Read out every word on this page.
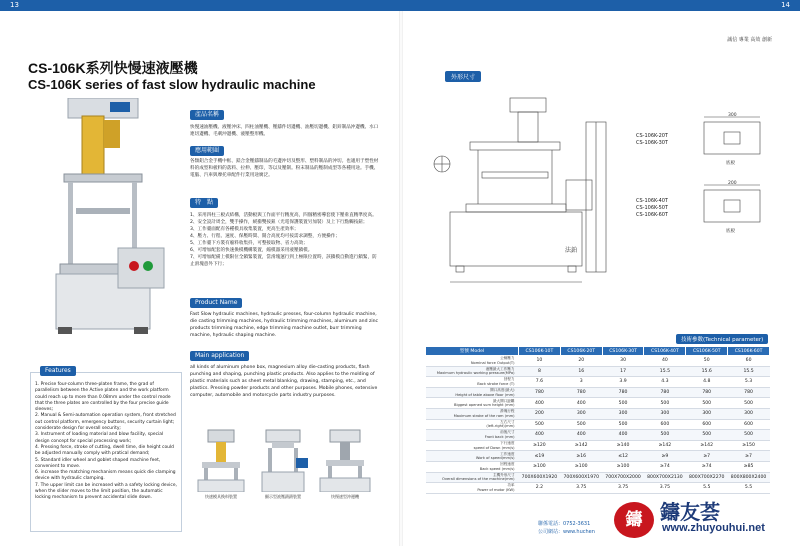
13	14
誠信 專業 高效 創新
CS-106K系列快慢速液壓機
CS-106K series of fast slow hydraulic machine
產品名稱
快慢速油壓機、液壓沖床、四柱油壓機、壓鑄件切邊機、油壓切邊機、鋁鋅制品沖邊機、水口連切邊機、毛刺沖邊機、液壓整形機。
應用範圍
各類鋁合金手機中框、鎂合金壓鑄制品的毛邊沖切及整形、塑料制品的沖切。也適用于塑性材料的成型和板料的落料、拉伸、壓印，等以及壓制。粉末制品的壓制成型等各種用途。手機、電腦、汽車與摩托車配件行業用途廣泛。
特　點

1、采用四柱三板式結構，活動板與工作面平行精度高，四個精密導套使下壓垂直精準度高。

2、安全設計周全，雙手操作，緩衝雙按鈕（光電保護裝置另加裝）及上下行點觸按鈕；

3、工作臺面配有各種模具收集裝置，更高生產效率；

4、壓力、行程、速度、保壓時間、開合高度均可按需求調整，方便操作；

5、工作臺下方裝有廢料收集抖，可整接取物、省力高效；

6、可增加配套的快速換模機構裝置，縮模器采用液壓鎖模。

7、可增加配備上模限位全鎖緊裝置，當滑塊運行到上極限位置時，該鎖模自動進行鎖緊，防止滑塊意外下行；

Product Name
Fast Slow hydraulic machines, hydraulic presses, four-column hydraulic machine, die casting trimming machines, hydraulic trimming machines, aluminum and zinc products trimming machine, edge trimming machine outlet, burr trimming machine, hydraulic shaping machine.
Main application
all kinds of aluminum phone box, magnesium alloy die-casting products, flash punching and shaping, punching plastic products. Also applies to the molding of plastic materials such as sheet metal blanking, drawing, stamping, etc., and plastics. Pressing powder products and other purposes. Mobile phones, extensive computer, automobile and motorcycle parts industry purposes.
1. Precise four-column three-platen frame, the grad of parallelism between the Active platen and the work platform could reach up to more than 0.08mm under the control mode that the three plates are controlled by the four precise guide sleeves;
2. Manual & Semi-automation operation system, front stretched out control platform, emergency buttons, security curtain light; considerate design for overall security;
3. Instrument of loading material and blow facility, special design concept for special processing work;
4. Pressing force, stroke of cutting, dwell time, die height could be adjusted manually comply with pratical demand;
5. Standard idler wheel and goblet shaped machine feet, convenient to move.
6. increase the matching mechanism means quick die clamping device with hydraulic clamping.
7. The upper limit can be increased with a safety locking device, when the slider moves to the limit position, the automatic locking mechanism to prevent accidental slide down.
Features
快速模具換料裝置	顯示型液壓鎖鎖裝置	快慢速型沖邊機
外形尺寸
法鉑
CS-106K-20T
CS-106K-30T
CS-106K-40T
CS-106K-50T
CS-106K-60T
300
底板
200
底板
技術參數(Technical parameter)
型號 Model	CS106K-10T	CS106K-20T	CS106K-30T	CS106K-40T	CS106K-50T	CS106K-60T

公稱壓力
Nominal force Output(T)	10	20	30	40	50	60

液壓最大工作壓力
Maximum hydraulic working pressure(MPa)	8	16	17	15.5	15.6	15.5

回程力
Back stroke force (T)	7.6	3	3.9	4.3	4.8	5.3

開口高度(最大)
Height of table above floor (mm)	780	780	780	780	780	780

最大開口距離
Biggest opened sum height (mm)	400	400	500	500	500	500

滑塊行程
Maximum stroke of the ram (mm)	200	300	300	300	300	300

左右尺寸
(left-right)(mm)	500	500	500	600	600	600

前後尺寸
Front back (mm)	400	400	400	500	500	500

下行速度
speed of Down (mm/s)	≥120	≥142	≥140	≥142	≥142	≥150

工作速度
Work of speed(mm/s)	≤19	≥16	≤12	≥9	≥7	≥7

回程速度
Back speed (mm/s)	≥100	≥100	≥100	≥74	≥74	≥85

主機外形尺寸
Overall dimensions of the machine(mm)	700X600X1920	700X600X1970	700X700X2000	800X700X2130	800X700X2270	800X800X2400

功率
Power of motor (KW)	2.2	3.75	3.75	3.75	5.5	5.5
聯係電話：0752-3631
公司網站：www.huchen
鑄 鑄友荟
www.zhuyouhui.net
